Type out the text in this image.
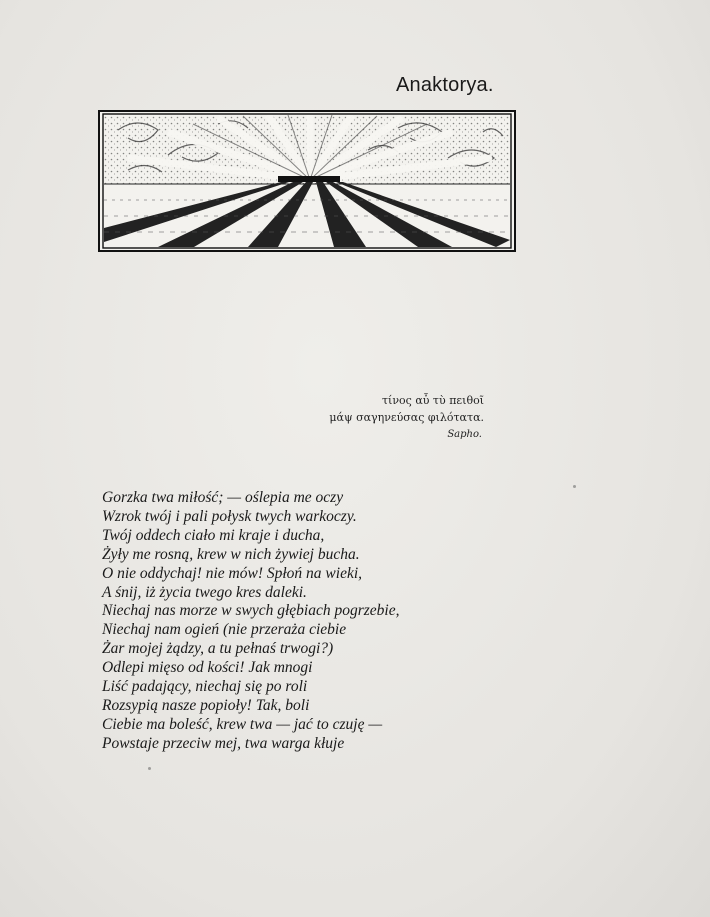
Anaktorya.
τίνος αὖ τὺ πειθοῖ
μάψ σαγηνεύσας φιλότατα.
Sapho.
Gorzka twa miłość; — oślepia me oczy
Wzrok twój i pali połysk twych warkoczy.
Twój oddech ciało mi kraje i ducha,
Żyły me rosną, krew w nich żywiej bucha.
O nie oddychaj! nie mów! Spłoń na wieki,
A śnij, iż życia twego kres daleki.
Niechaj nas morze w swych głębiach pogrzebie,
Niechaj nam ogień (nie przeraża ciebie
Żar mojej żądzy, a tu pełnaś trwogi?)
Odlepi mięso od kości! Jak mnogi
Liść padający, niechaj się po roli
Rozsypią nasze popioły! Tak, boli
Ciebie ma boleść, krew twa — jać to czuję —
Powstaje przeciw mej, twa warga kłuje
